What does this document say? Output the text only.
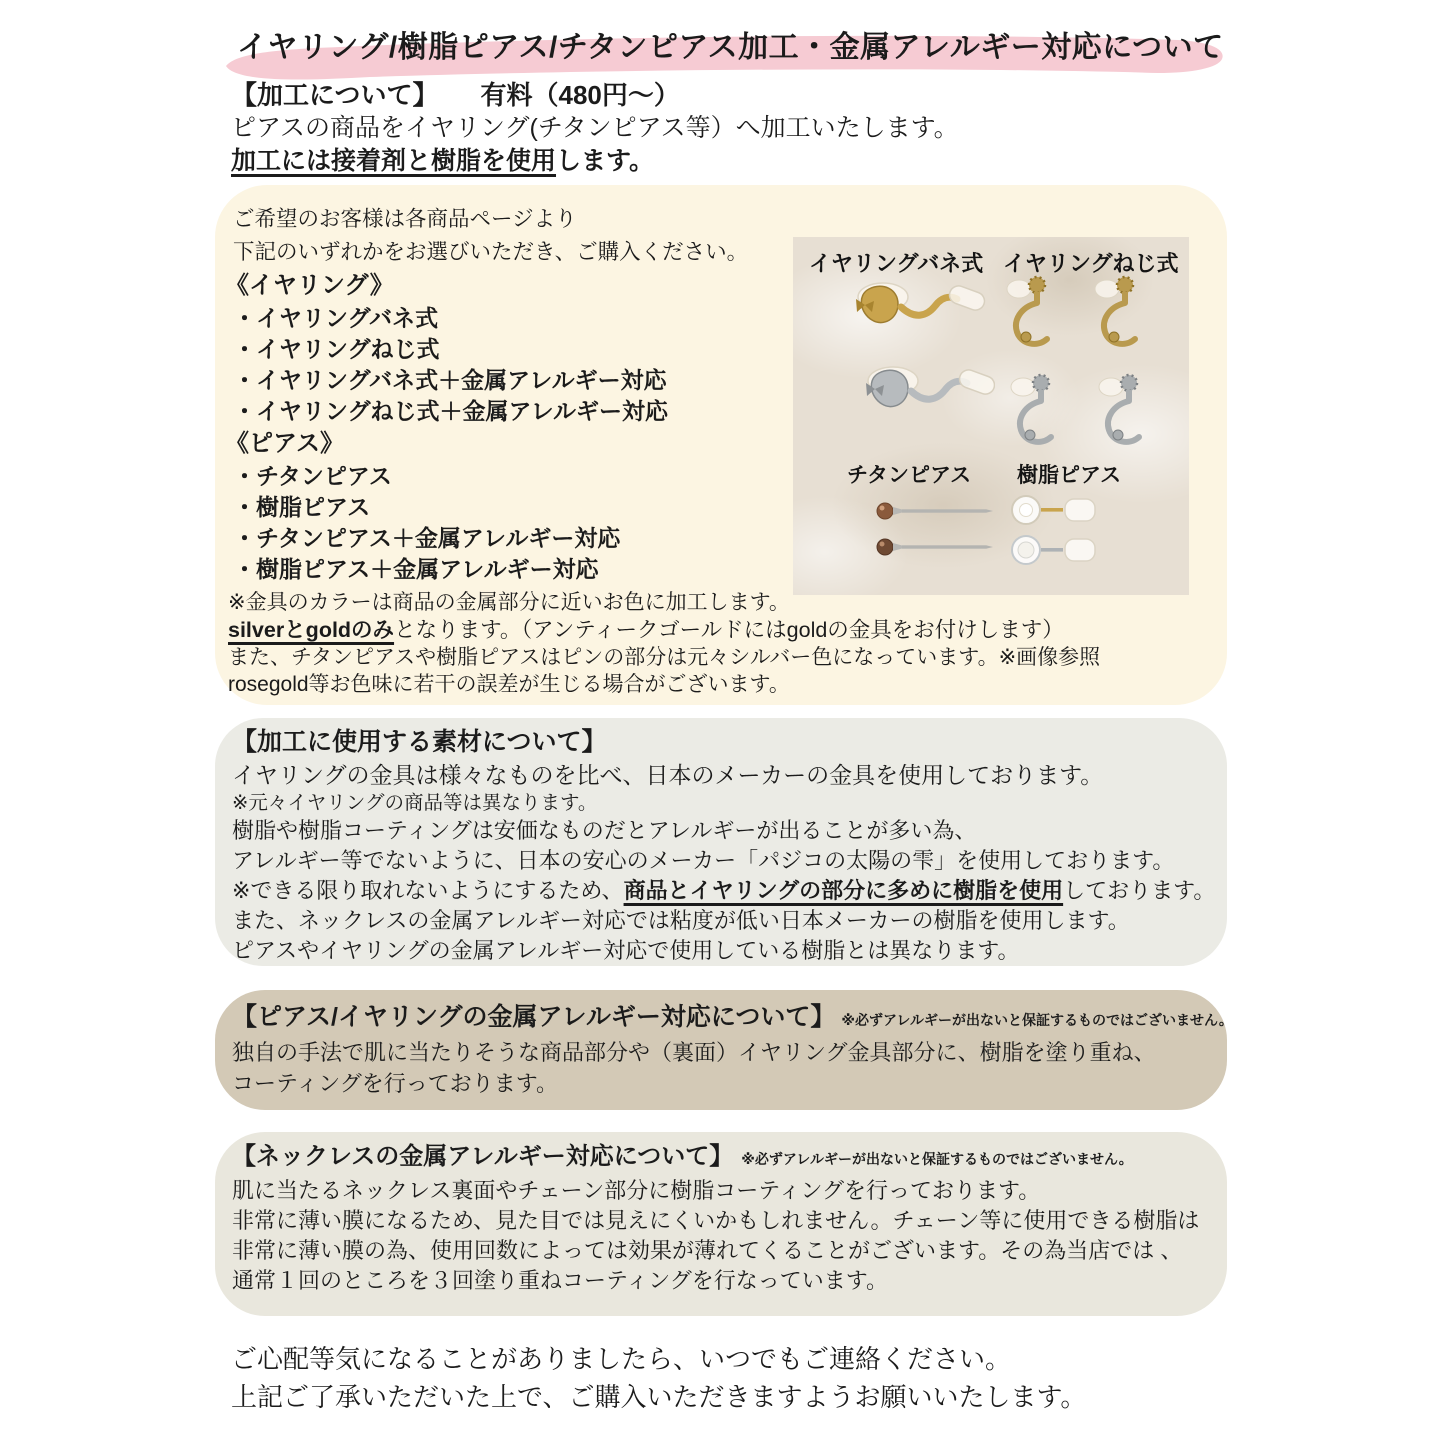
イヤリング/樹脂ピアス/チタンピアス加工・金属アレルギー対応について
【加工について】 有料（480円〜）
ピアスの商品をイヤリング(チタンピアス等）へ加工いたします。
加工には接着剤と樹脂を使用します。
ご希望のお客様は各商品ページより
下記のいずれかをお選びいただき、ご購入ください。
《イヤリング》
・イヤリングバネ式
・イヤリングねじ式
・イヤリングバネ式＋金属アレルギー対応
・イヤリングねじ式＋金属アレルギー対応
《ピアス》
・チタンピアス
・樹脂ピアス
・チタンピアス＋金属アレルギー対応
・樹脂ピアス＋金属アレルギー対応
※金具のカラーは商品の金属部分に近いお色に加工します。
silverとgoldのみとなります。（アンティークゴールドにはgoldの金具をお付けします）
また、チタンピアスや樹脂ピアスはピンの部分は元々シルバー色になっています。※画像参照
rosegold等お色味に若干の誤差が生じる場合がございます。
イヤリングバネ式 イヤリングねじ式
チタンピアス 樹脂ピアス
【加工に使用する素材について】
イヤリングの金具は様々なものを比べ、日本のメーカーの金具を使用しております。
※元々イヤリングの商品等は異なります。
樹脂や樹脂コーティングは安価なものだとアレルギーが出ることが多い為、
アレルギー等でないように、日本の安心のメーカー「パジコの太陽の雫」を使用しております。
※できる限り取れないようにするため、商品とイヤリングの部分に多めに樹脂を使用しております。
また、ネックレスの金属アレルギー対応では粘度が低い日本メーカーの樹脂を使用します。
ピアスやイヤリングの金属アレルギー対応で使用している樹脂とは異なります。
【ピアス/イヤリングの金属アレルギー対応について】 ※必ずアレルギーが出ないと保証するものではございません。
独自の手法で肌に当たりそうな商品部分や（裏面）イヤリング金具部分に、樹脂を塗り重ね、
コーティングを行っております。
【ネックレスの金属アレルギー対応について】 ※必ずアレルギーが出ないと保証するものではございません。
肌に当たるネックレス裏面やチェーン部分に樹脂コーティングを行っております。
非常に薄い膜になるため、見た目では見えにくいかもしれません。チェーン等に使用できる樹脂は
非常に薄い膜の為、使用回数によっては効果が薄れてくることがございます。その為当店では 、
通常１回のところを３回塗り重ねコーティングを行なっています。
ご心配等気になることがありましたら、いつでもご連絡ください。
上記ご了承いただいた上で、ご購入いただきますようお願いいたします。
